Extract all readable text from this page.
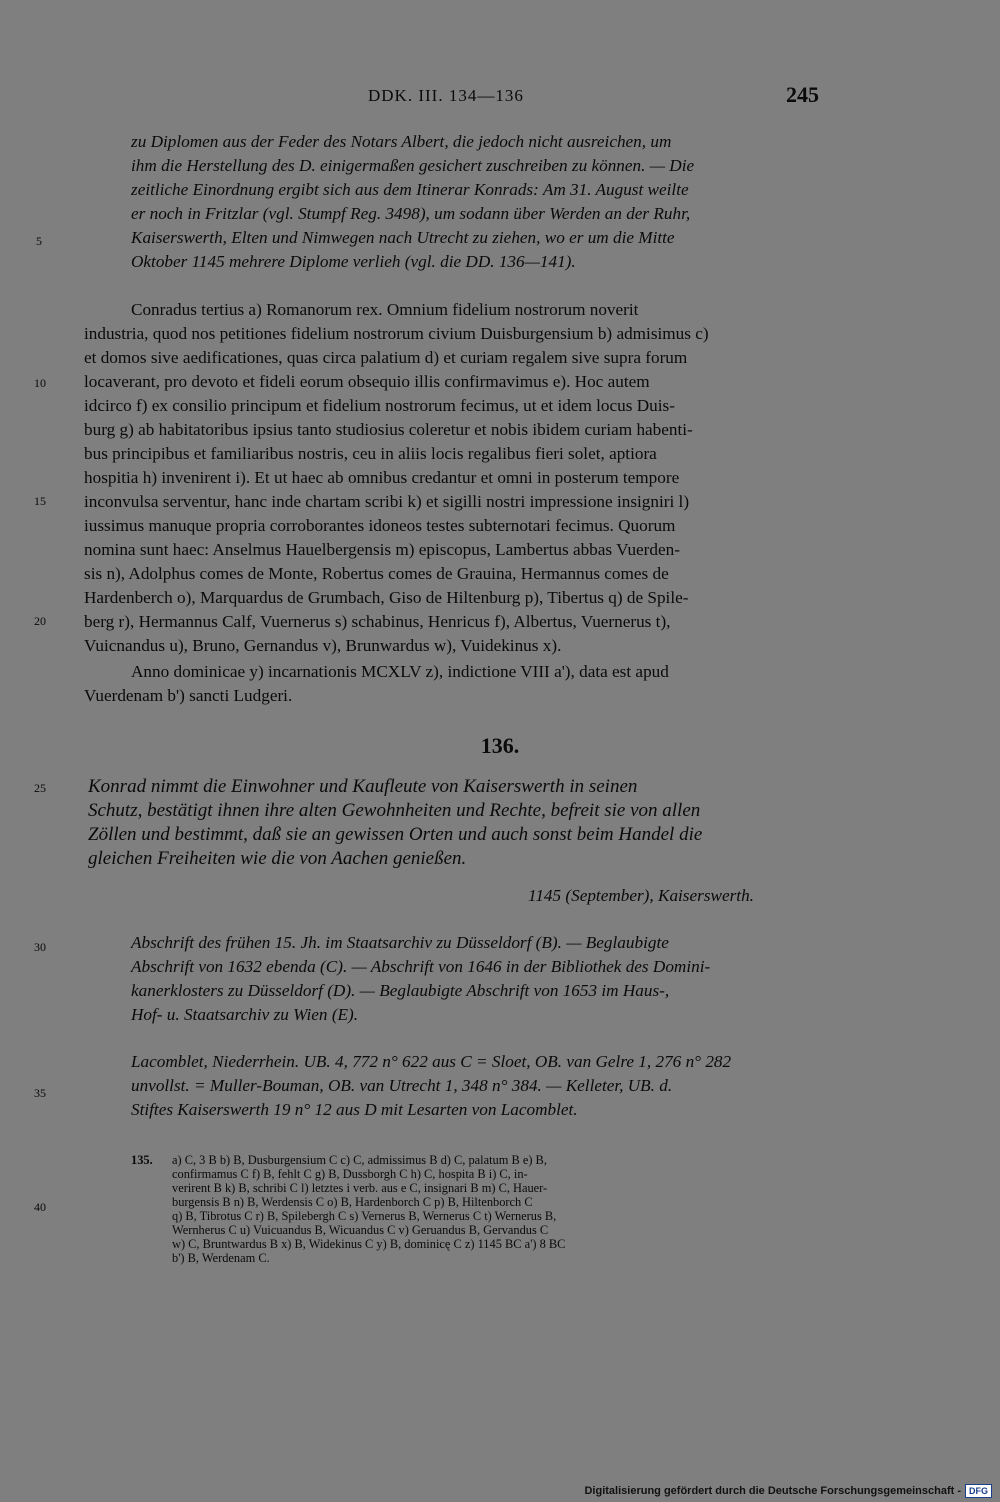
DDK. III. 134—136	245
zu Diplomen aus der Feder des Notars Albert, die jedoch nicht ausreichen, um
ihm die Herstellung des D. einigermaßen gesichert zuschreiben zu können. — Die
zeitliche Einordnung ergibt sich aus dem Itinerar Konrads: Am 31. August weilte
er noch in Fritzlar (vgl. Stumpf Reg. 3498), um sodann über Werden an der Ruhr,
Kaiserswerth, Elten und Nimwegen nach Utrecht zu ziehen, wo er um die Mitte
Oktober 1145 mehrere Diplome verlieh (vgl. die DD. 136—141).
5
10
15
20
25
30
35
40
Conradus tertius a) Romanorum rex. Omnium fidelium nostrorum noverit
industria, quod nos petitiones fidelium nostrorum civium Duisburgensium b) admisimus c)
et domos sive aedificationes, quas circa palatium d) et curiam regalem sive supra forum
locaverant, pro devoto et fideli eorum obsequio illis confirmavimus e). Hoc autem
idcirco f) ex consilio principum et fidelium nostrorum fecimus, ut et idem locus Duis-
burg g) ab habitatoribus ipsius tanto studiosius coleretur et nobis ibidem curiam habenti-
bus principibus et familiaribus nostris, ceu in aliis locis regalibus fieri solet, aptiora
hospitia h) invenirent i). Et ut haec ab omnibus credantur et omni in posterum tempore
inconvulsa serventur, hanc inde chartam scribi k) et sigilli nostri impressione insigniri l)
iussimus manuque propria corroborantes idoneos testes subternotari fecimus. Quorum
nomina sunt haec: Anselmus Hauelbergensis m) episcopus, Lambertus abbas Vuerden-
sis n), Adolphus comes de Monte, Robertus comes de Grauina, Hermannus comes de
Hardenberch o), Marquardus de Grumbach, Giso de Hiltenburg p), Tibertus q) de Spile-
berg r), Hermannus Calf, Vuernerus s) schabinus, Henricus f), Albertus, Vuernerus t),
Vuicnandus u), Bruno, Gernandus v), Brunwardus w), Vuidekinus x).
Anno dominicae y) incarnationis MCXLV z), indictione VIII a'), data est apud
Vuerdenam b') sancti Ludgeri.
136.
Konrad nimmt die Einwohner und Kaufleute von Kaiserswerth in seinen
Schutz, bestätigt ihnen ihre alten Gewohnheiten und Rechte, befreit sie von allen
Zöllen und bestimmt, daß sie an gewissen Orten und auch sonst beim Handel die
gleichen Freiheiten wie die von Aachen genießen.
1145 (September), Kaiserswerth.
Abschrift des frühen 15. Jh. im Staatsarchiv zu Düsseldorf (B). — Beglaubigte
Abschrift von 1632 ebenda (C). — Abschrift von 1646 in der Bibliothek des Domini-
kanerklosters zu Düsseldorf (D). — Beglaubigte Abschrift von 1653 im Haus-,
Hof- u. Staatsarchiv zu Wien (E).
Lacomblet, Niederrhein. UB. 4, 772 n° 622 aus C = Sloet, OB. van Gelre 1, 276 n° 282
unvollst. = Muller-Bouman, OB. van Utrecht 1, 348 n° 384. — Kelleter, UB. d.
Stiftes Kaiserswerth 19 n° 12 aus D mit Lesarten von Lacomblet.
135. a) C, 3 B b) B, Dusburgensium C c) C, admissimus B d) C, palatum B e) B,
confirmamus C f) B, fehlt C g) B, Dussborgh C h) C, hospita B i) C, in-
verirent B k) B, schribi C l) letztes i verb. aus e C, insignari B m) C, Hauer-
burgensis B n) B, Werdensis C o) B, Hardenborch C p) B, Hiltenborch C
q) B, Tibrotus C r) B, Spilebergh C s) Vernerus B, Wernerus C t) Wernerus B,
Wernherus C u) Vuicuandus B, Wicuandus C v) Geruandus B, Gervandus C
w) C, Bruntwardus B x) B, Widekinus C y) B, dominicę C z) 1145 BC a') 8 BC
b') B, Werdenam C.
Digitalisierung gefördert durch die Deutsche Forschungsgemeinschaft - DFG
